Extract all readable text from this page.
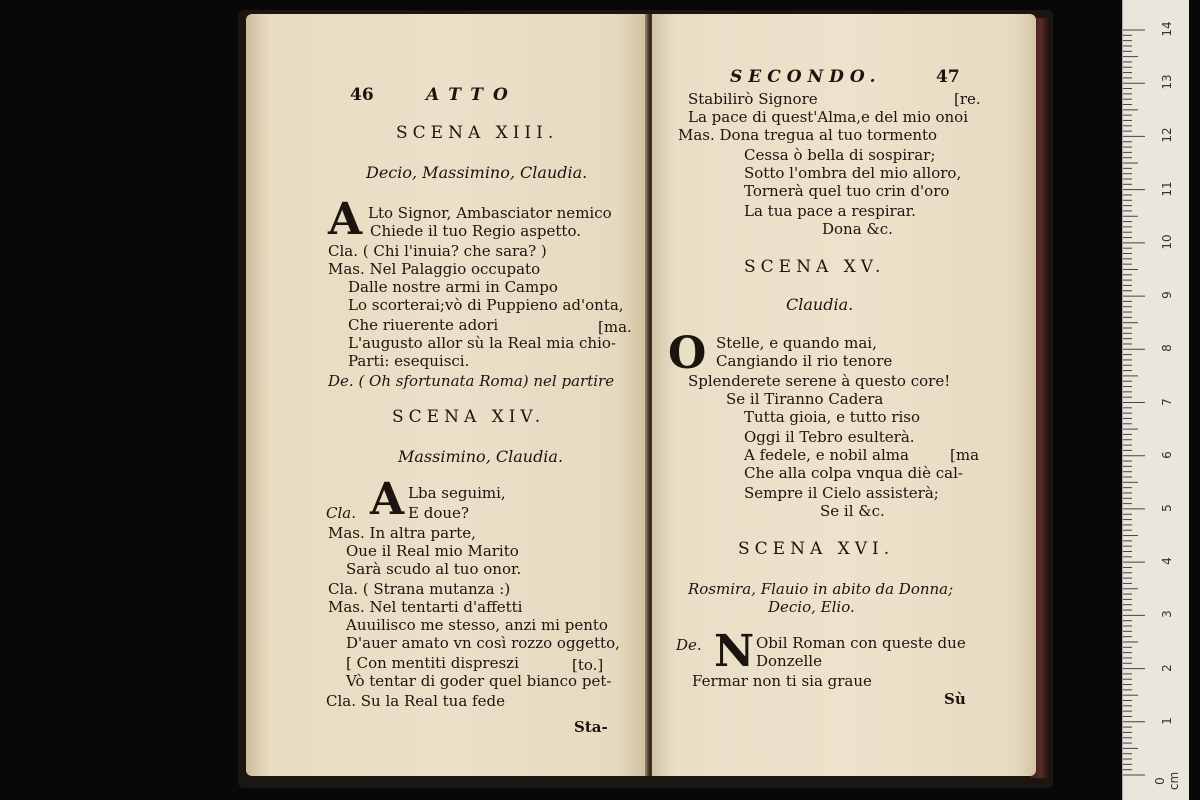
46	ATTO
SCENA XIII.
Decio, Massimino, Claudia.
A Lto Signor, Ambasciator nemico
Chiede il tuo Regio aspetto.
Cla. ( Chi l'inuia? che sara? )
Mas. Nel Palaggio occupato
Dalle nostre armi in Campo
Lo scorterai;vò di Puppieno ad'onta,
Che riuerente adori	[ma.
L'augusto allor sù la Real mia chio-
Parti: esequisci.
De. ( Oh sfortunata Roma) nel partire
SCENA XIV.
Massimino, Claudia.
A Lba seguimi,
Cla.	E doue?
Mas. In altra parte,
Oue il Real mio Marito
Sarà scudo al tuo onor.
Cla. ( Strana mutanza :)
Mas. Nel tentarti d'affetti
Auuilisco me stesso, anzi mi pento
D'auer amato vn così rozzo oggetto,
[ Con mentiti dispreszi	[to.]
Vò tentar di goder quel bianco pet-
Cla. Su la Real tua fede
Sta-
SECONDO.	47
Stabilirò Signore	[re.
La pace di quest'Alma,e del mio onoi
Mas. Dona tregua al tuo tormento
Cessa ò bella di sospirar;
Sotto l'ombra del mio alloro,
Tornerà quel tuo crin d'oro
La tua pace a respirar.
Dona &c.
SCENA XV.
Claudia.
O Stelle, e quando mai,
Cangiando il rio tenore
Splenderete serene à questo core!
Se il Tiranno Cadera
Tutta gioia, e tutto riso
Oggi il Tebro esulterà.
A fedele, e nobil alma	[ma
Che alla colpa vnqua diè cal-
Sempre il Cielo assisterà;
Se il &c.
SCENA XVI.
Rosmira, Flauio in abito da Donna;
Decio, Elio.
De. N Obil Roman con queste due
Donzelle
Fermar non ti sia graue
Sù
14
13
12
11
10
9
8
7
6
5
4
3
2
1
0 cm
